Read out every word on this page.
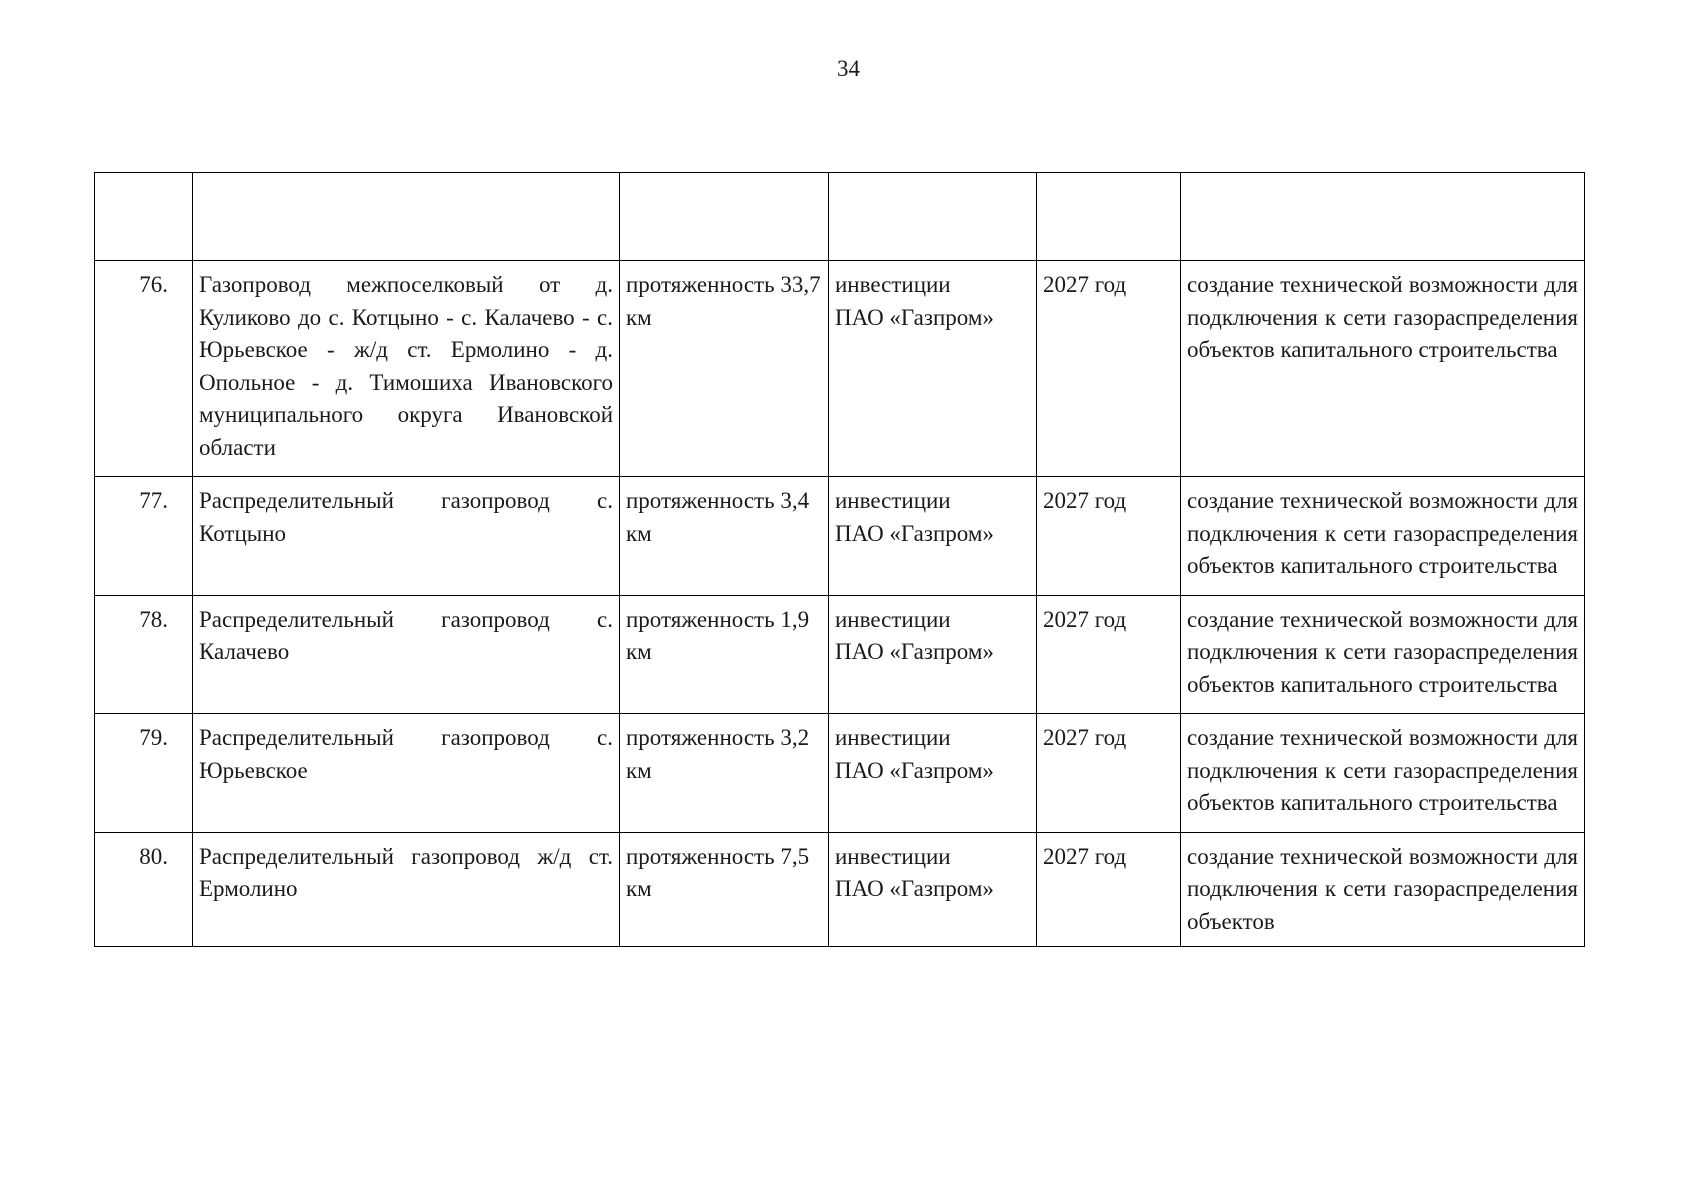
34

76.	Газопровод межпоселковый от д. Куликово до с. Котцыно - с. Калачево - с. Юрьевское - ж/д ст. Ермолино - д. Опольное - д. Тимошиха Ивановского муниципального округа Ивановской области	протяженность 33,7 км	инвестиции
ПАО «Газпром»	2027 год	создание технической возможности для подключения к сети газораспределения объектов капитального строительства
77.	Распределительный газопровод с. Котцыно	протяженность 3,4 км	инвестиции
ПАО «Газпром»	2027 год	создание технической возможности для подключения к сети газораспределения объектов капитального строительства
78.	Распределительный газопровод с. Калачево	протяженность 1,9 км	инвестиции
ПАО «Газпром»	2027 год	создание технической возможности для подключения к сети газораспределения объектов капитального строительства
79.	Распределительный газопровод с. Юрьевское	протяженность 3,2 км	инвестиции
ПАО «Газпром»	2027 год	создание технической возможности для подключения к сети газораспределения объектов капитального строительства
80.	Распределительный газопровод ж/д ст. Ермолино	протяженность 7,5 км	инвестиции
ПАО «Газпром»	2027 год	создание технической возможности для подключения к сети газораспределения объектов
